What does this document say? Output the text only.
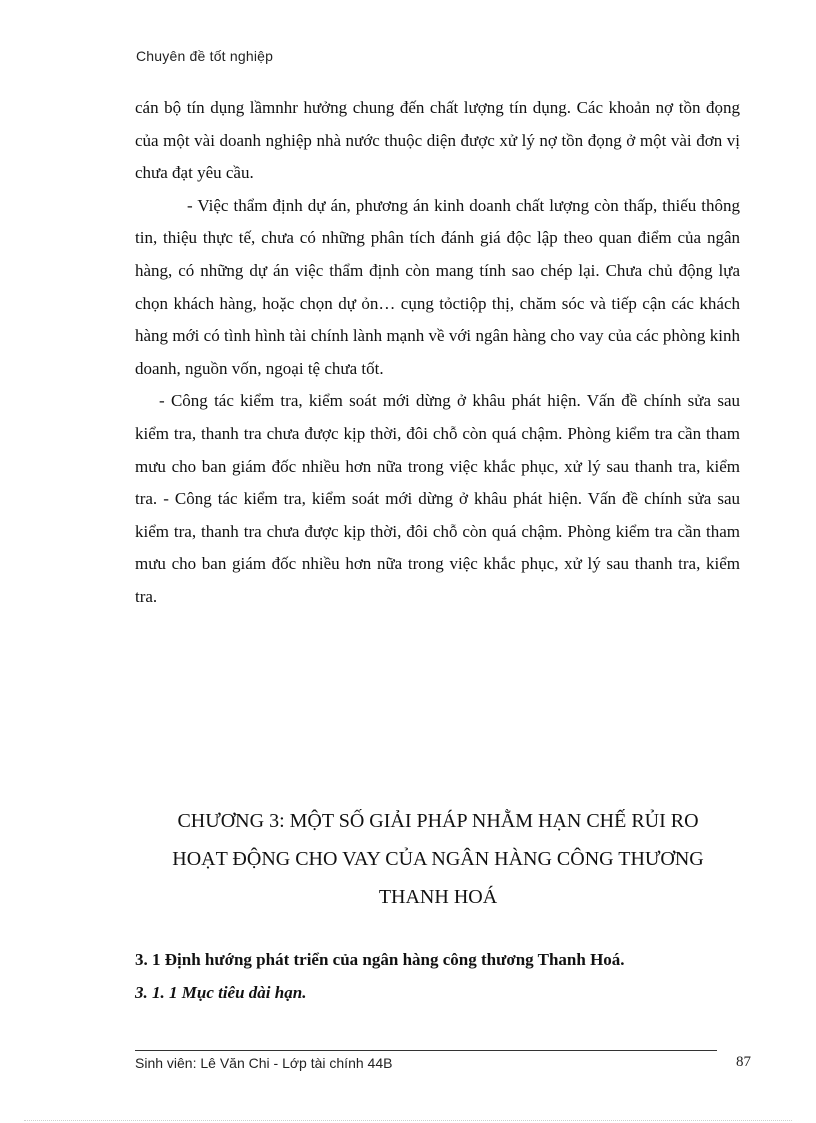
Chuyên đề tốt nghiệp

cán bộ tín dụng lầmnhr hưởng chung đến chất lượng tín dụng. Các khoản nợ tồn đọng của một vài doanh nghiệp nhà nước thuộc diện được xử lý nợ tồn đọng ở một vài đơn vị chưa đạt yêu cầu.

- Việc thẩm định dự án, phương án kinh doanh chất lượng còn thấp, thiếu thông tin, thiệu thực tế, chưa có những phân tích đánh giá độc lập theo quan điểm của ngân hàng, có những dự án việc thẩm định còn mang tính sao chép lại. Chưa chủ động lựa chọn khách hàng, hoặc chọn dự ỏn… cụng tỏctiộp thị, chăm sóc và tiếp cận các khách hàng mới có tình hình tài chính lành mạnh về với ngân hàng cho vay của các phòng kinh doanh, nguồn vốn, ngoại tệ chưa tốt.

- Công tác kiểm tra, kiểm soát mới dừng ở khâu phát hiện. Vấn đề chính sửa sau kiểm tra, thanh tra chưa được kịp thời, đôi chỗ còn quá chậm. Phòng kiểm tra cần tham mưu cho ban giám đốc nhiều hơn nữa trong việc khắc phục, xử lý sau thanh tra, kiểm tra. - Công tác kiểm tra, kiểm soát mới dừng ở khâu phát hiện. Vấn đề chính sửa sau kiểm tra, thanh tra chưa được kịp thời, đôi chỗ còn quá chậm. Phòng kiểm tra cần tham mưu cho ban giám đốc nhiều hơn nữa trong việc khắc phục, xử lý sau thanh tra, kiểm tra.

CHƯƠNG 3: MỘT SỐ GIẢI PHÁP NHẰM HẠN CHẾ RỦI RO
HOẠT ĐỘNG CHO VAY CỦA NGÂN HÀNG CÔNG THƯƠNG
THANH HOÁ
3. 1 Định hướng phát triển của ngân hàng công thương Thanh Hoá.
3. 1. 1 Mục tiêu dài hạn.
Sinh viên: Lê Văn Chi - Lớp tài chính 44B	87
